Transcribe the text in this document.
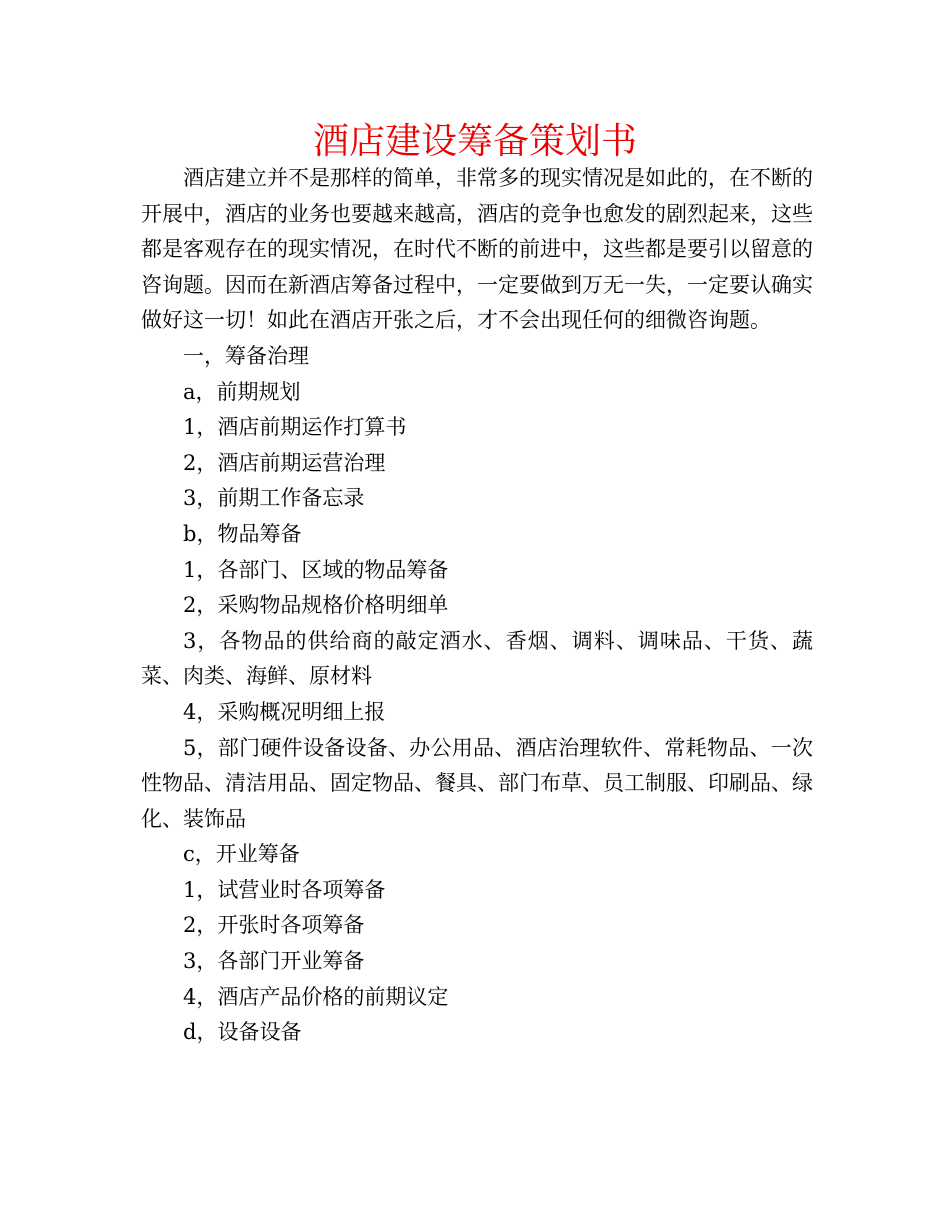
酒店建设筹备策划书

酒店建立并不是那样的简单，非常多的现实情况是如此的，在不断的开展中，酒店的业务也要越来越高，酒店的竞争也愈发的剧烈起来，这些都是客观存在的现实情况，在时代不断的前进中，这些都是要引以留意的咨询题。因而在新酒店筹备过程中，一定要做到万无一失，一定要认确实做好这一切！如此在酒店开张之后，才不会出现任何的细微咨询题。

一，筹备治理

a，前期规划

1，酒店前期运作打算书

2，酒店前期运营治理

3，前期工作备忘录

b，物品筹备

1，各部门、区域的物品筹备

2，采购物品规格价格明细单

3，各物品的供给商的敲定酒水、香烟、调料、调味品、干货、蔬菜、肉类、海鲜、原材料

4，采购概况明细上报

5，部门硬件设备设备、办公用品、酒店治理软件、常耗物品、一次性物品、清洁用品、固定物品、餐具、部门布草、员工制服、印刷品、绿化、装饰品

c，开业筹备

1，试营业时各项筹备

2，开张时各项筹备

3，各部门开业筹备

4，酒店产品价格的前期议定

d，设备设备
